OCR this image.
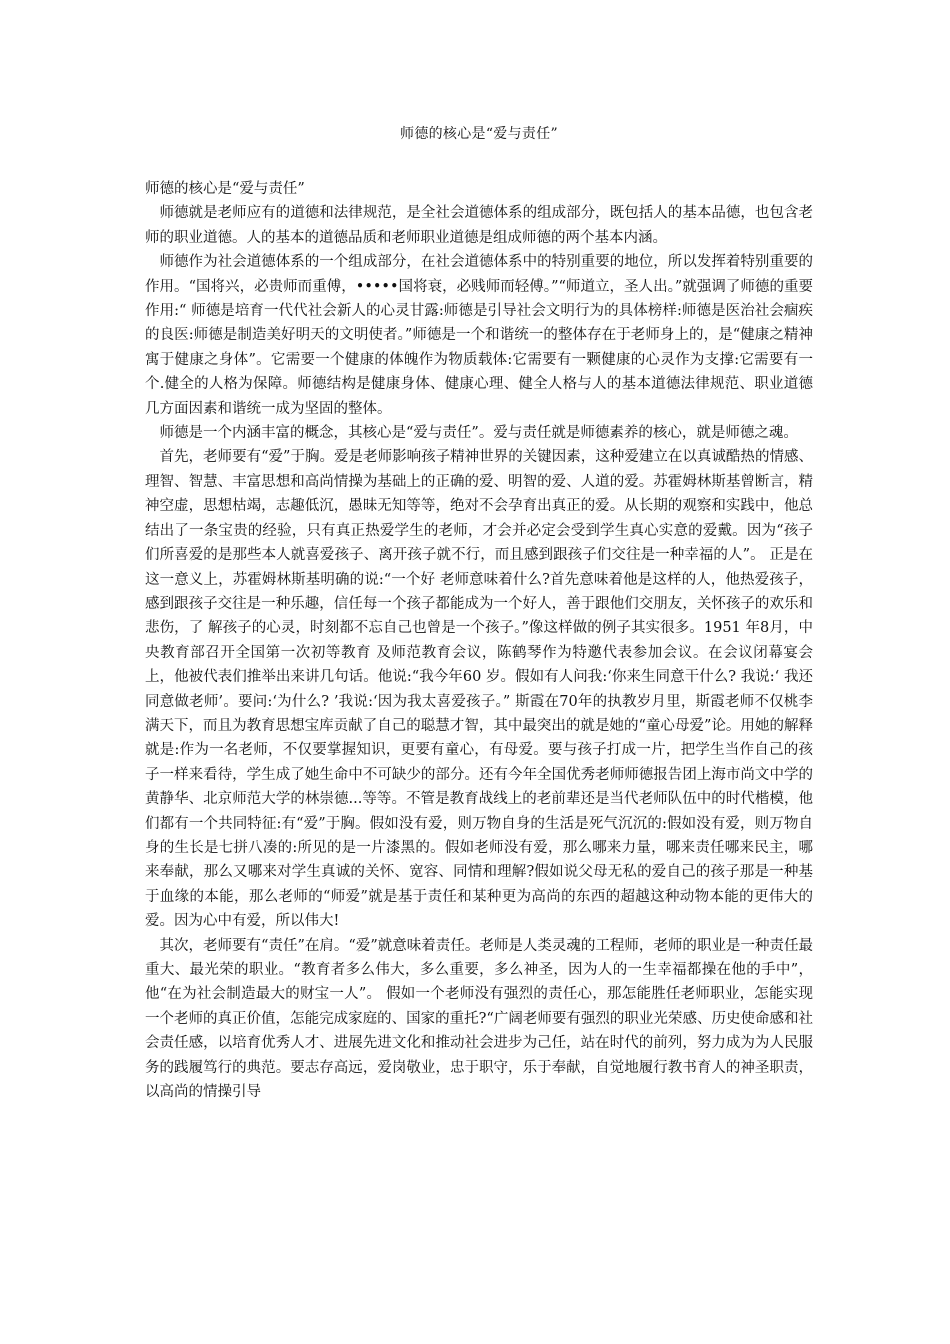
师德的核心是“爱与责任”

师德的核心是“爱与责任”

师德就是老师应有的道德和法律规范，是全社会道德体系的组成部分，既包括人的基本品德，也包含老师的职业道德。人的基本的道德品质和老师职业道德是组成师德的两个基本内涵。

师德作为社会道德体系的一个组成部分，在社会道德体系中的特别重要的地位，所以发挥着特别重要的作用。“国将兴，必贵师而重傅，•••••国将衰，必贱师而轻傅。”“师道立，圣人出。”就强调了师德的重要作用:“ 师德是培育一代代社会新人的心灵甘露:师德是引导社会文明行为的具体榜样:师德是医治社会痼疾的良医:师德是制造美好明天的文明使者。”师德是一个和谐统一的整体存在于老师身上的，是“健康之精神寓于健康之身体”。它需要一个健康的体魄作为物质载体:它需要有一颗健康的心灵作为支撑:它需要有一个.健全的人格为保障。师德结构是健康身体、健康心理、健全人格与人的基本道德法律规范、职业道德几方面因素和谐统一成为坚固的整体。

师德是一个内涵丰富的概念，其核心是“爱与责任”。爱与责任就是师德素养的核心，就是师德之魂。

首先，老师要有“爱”于胸。爱是老师影响孩子精神世界的关键因素，这种爱建立在以真诚酷热的情感、理智、智慧、丰富思想和高尚情操为基础上的正确的爱、明智的爱、人道的爱。苏霍姆林斯基曾断言，精神空虚，思想枯竭，志趣低沉，愚昧无知等等，绝对不会孕育出真正的爱。从长期的观察和实践中，他总结出了一条宝贵的经验，只有真正热爱学生的老师，才会并必定会受到学生真心实意的爱戴。因为“孩子们所喜爱的是那些本人就喜爱孩子、离开孩子就不行，而且感到跟孩子们交往是一种幸福的人”。 正是在这一意义上，苏霍姆林斯基明确的说:“一个好 老师意味着什么?首先意味着他是这样的人，他热爱孩子，感到跟孩子交往是一种乐趣，信任每一个孩子都能成为一个好人，善于跟他们交朋友，关怀孩子的欢乐和悲伤，了 解孩子的心灵，时刻都不忘自己也曾是一个孩子。”像这样做的例子其实很多。1951 年8月，中央教育部召开全国第一次初等教育 及师范教育会议，陈鹤琴作为特邀代表参加会议。在会议闭幕宴会上，他被代表们推举出来讲几句话。他说:“我今年60 岁。假如有人问我:‘你来生同意干什么? 我说:‘ 我还同意做老师’。要问:‘为什么? ’我说:‘因为我太喜爱孩子。” 斯霞在70年的执教岁月里，斯霞老师不仅桃李满天下，而且为教育思想宝库贡献了自己的聪慧才智，其中最突出的就是她的“童心母爱”论。用她的解释就是:作为一名老师，不仅要掌握知识，更要有童心，有母爱。要与孩子打成一片，把学生当作自己的孩子一样来看待，学生成了她生命中不可缺少的部分。还有今年全国优秀老师师德报告团上海市尚文中学的黄静华、北京师范大学的林崇德...等等。不管是教育战线上的老前辈还是当代老师队伍中的时代楷模，他们都有一个共同特征:有“爱”于胸。假如没有爱，则万物自身的生活是死气沉沉的:假如没有爱，则万物自身的生长是七拼八凑的:所见的是一片漆黑的。假如老师没有爱，那么哪来力量，哪来责任哪来民主，哪来奉献，那么又哪来对学生真诚的关怀、宽容、同情和理解?假如说父母无私的爱自己的孩子那是一种基于血缘的本能，那么老师的“师爱”就是基于责任和某种更为高尚的东西的超越这种动物本能的更伟大的爱。因为心中有爱，所以伟大!

其次，老师要有“责任”在肩。“爱”就意味着责任。老师是人类灵魂的工程师，老师的职业是一种责任最重大、最光荣的职业。“教育者多么伟大，多么重要，多么神圣，因为人的一生幸福都操在他的手中”，他“在为社会制造最大的财宝一人”。 假如一个老师没有强烈的责任心，那怎能胜任老师职业，怎能实现一个老师的真正价值，怎能完成家庭的、国家的重托?“广阔老师要有强烈的职业光荣感、历史使命感和社会责任感，以培育优秀人才、进展先进文化和推动社会进步为己任，站在时代的前列，努力成为为人民服务的践履笃行的典范。要志存高远，爱岗敬业，忠于职守，乐于奉献，自觉地履行教书育人的神圣职责，以高尚的情操引导
